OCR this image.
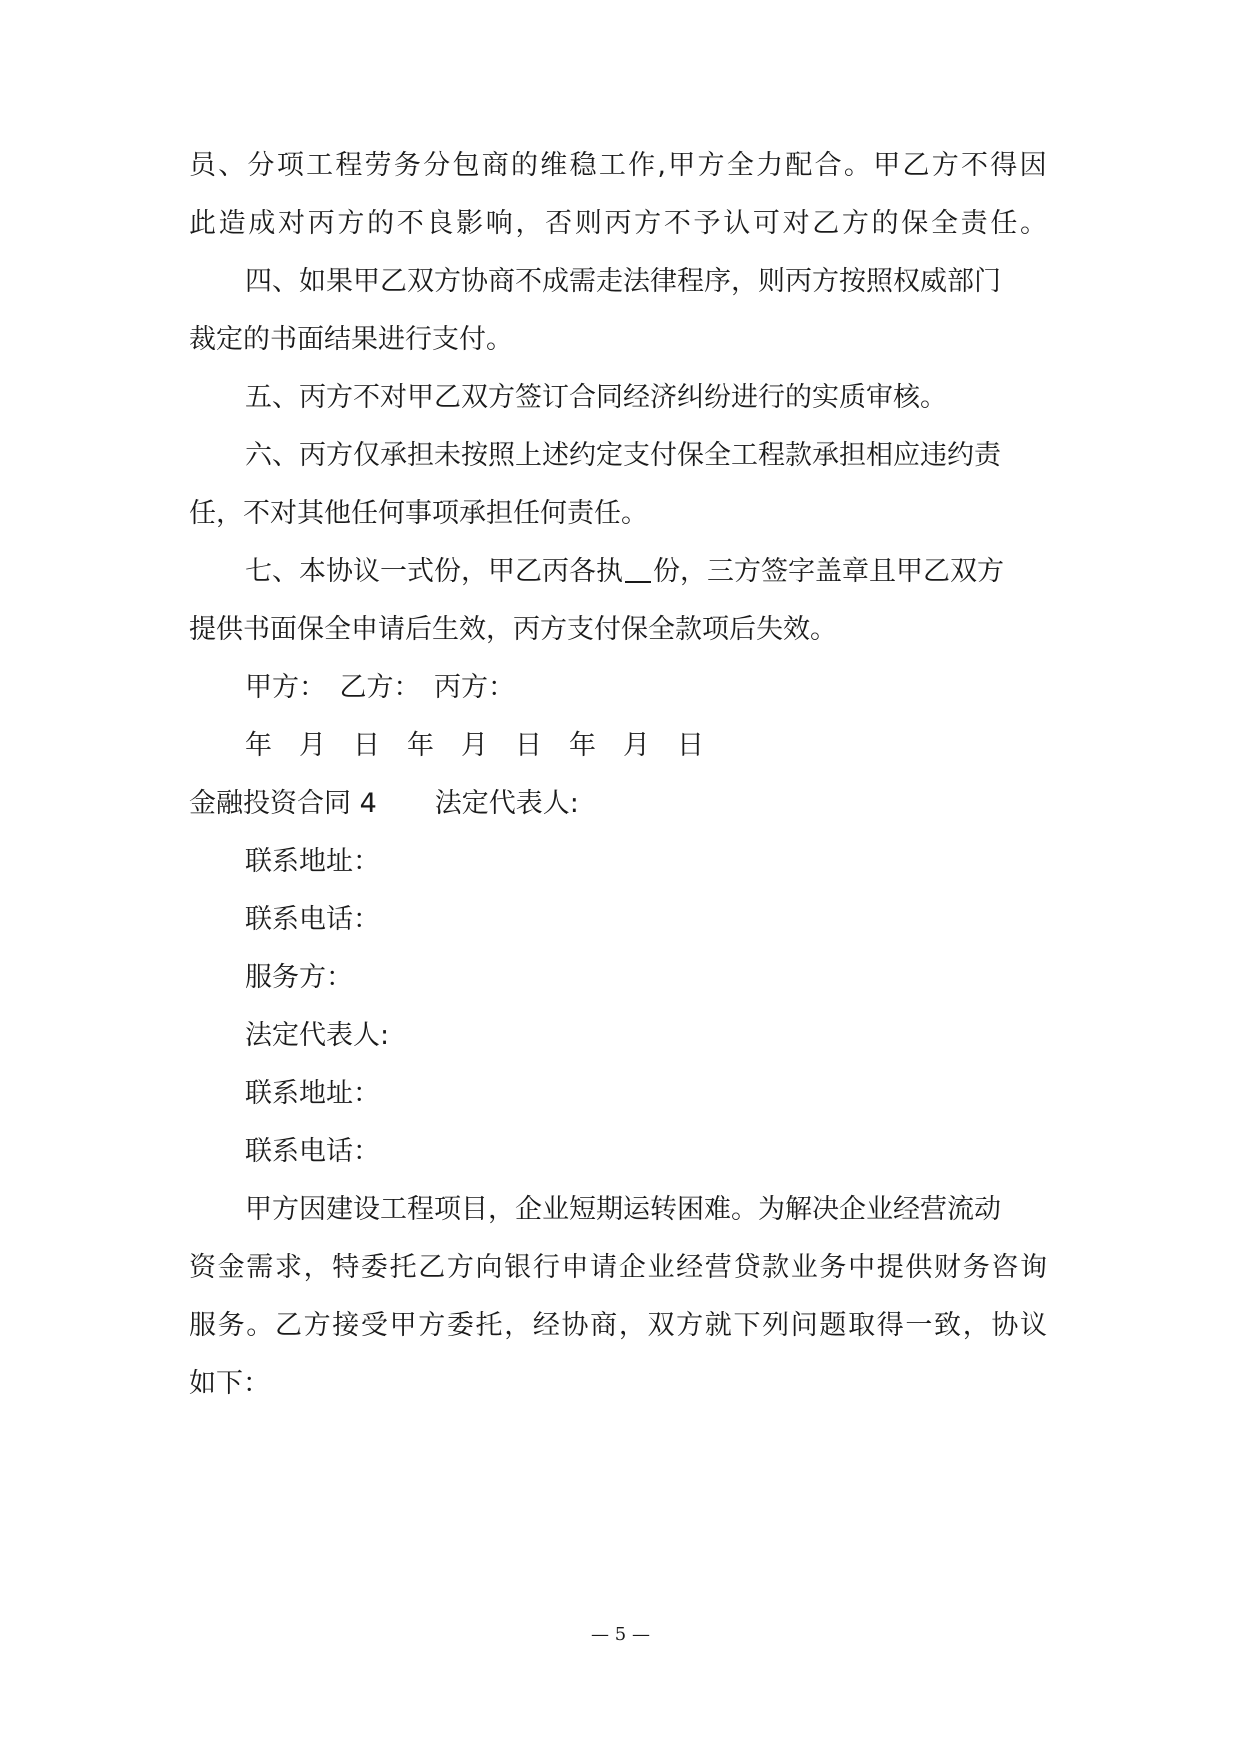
员、分项工程劳务分包商的维稳工作,甲方全力配合。甲乙方不得因
此造成对丙方的不良影响，否则丙方不予认可对乙方的保全责任。
四、如果甲乙双方协商不成需走法律程序，则丙方按照权威部门
裁定的书面结果进行支付。
五、丙方不对甲乙双方签订合同经济纠纷进行的实质审核。
六、丙方仅承担未按照上述约定支付保全工程款承担相应违约责
任，不对其他任何事项承担任何责任。
七、本协议一式份，甲乙丙各执 份，三方签字盖章且甲乙双方
提供书面保全申请后生效，丙方支付保全款项后失效。
甲方：　乙方：　丙方：
年　月　日　年　月　日　年　月　日
金融投资合同 4 法定代表人:
联系地址：
联系电话：
服务方：
法定代表人:
联系地址：
联系电话：
甲方因建设工程项目，企业短期运转困难。为解决企业经营流动
资金需求，特委托乙方向银行申请企业经营贷款业务中提供财务咨询
服务。乙方接受甲方委托，经协商，双方就下列问题取得一致，协议
如下：
— 5 —
